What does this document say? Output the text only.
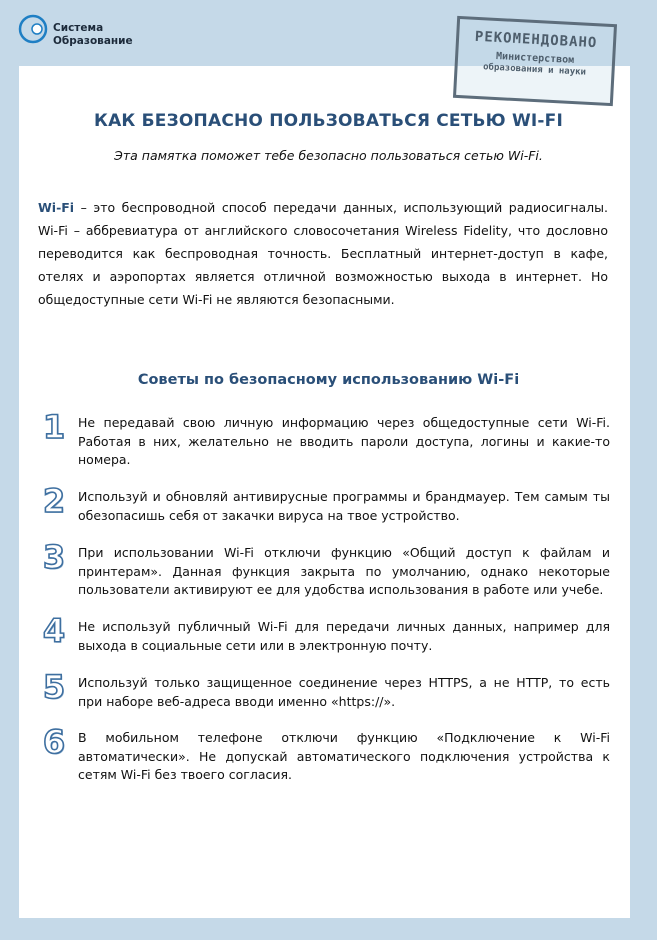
Система
Образование	РЕКОМЕНДОВАНО
Министерством
образования и науки
КАК БЕЗОПАСНО ПОЛЬЗОВАТЬСЯ СЕТЬЮ WI-FI
Эта памятка поможет тебе безопасно пользоваться сетью Wi-Fi.
Wi-Fi – это беспроводной способ передачи данных, использующий радиосигналы. Wi-Fi – аббревиатура от английского словосочетания Wireless Fidelity, что дословно переводится как беспроводная точность. Бесплатный интернет-доступ в кафе, отелях и аэропортах является отличной возможностью выхода в интернет. Но общедоступные сети Wi-Fi не являются безопасными.
Советы по безопасному использованию Wi-Fi
1	Не передавай свою личную информацию через общедоступные сети Wi-Fi. Работая в них, желательно не вводить пароли доступа, логины и какие-то номера.
2	Используй и обновляй антивирусные программы и брандмауер. Тем самым ты обезопасишь себя от закачки вируса на твое устройство.
3	При использовании Wi-Fi отключи функцию «Общий доступ к файлам и принтерам». Данная функция закрыта по умолчанию, однако некоторые пользователи активируют ее для удобства использования в работе или учебе.
4	Не используй публичный Wi-Fi для передачи личных данных, например для выхода в социальные сети или в электронную почту.
5	Используй только защищенное соединение через HTTPS, а не HTTP, то есть при наборе веб-адреса вводи именно «https://».
6	В мобильном телефоне отключи функцию «Подключение к Wi-Fi автоматически». Не допускай автоматического подключения устройства к сетям Wi-Fi без твоего согласия.
